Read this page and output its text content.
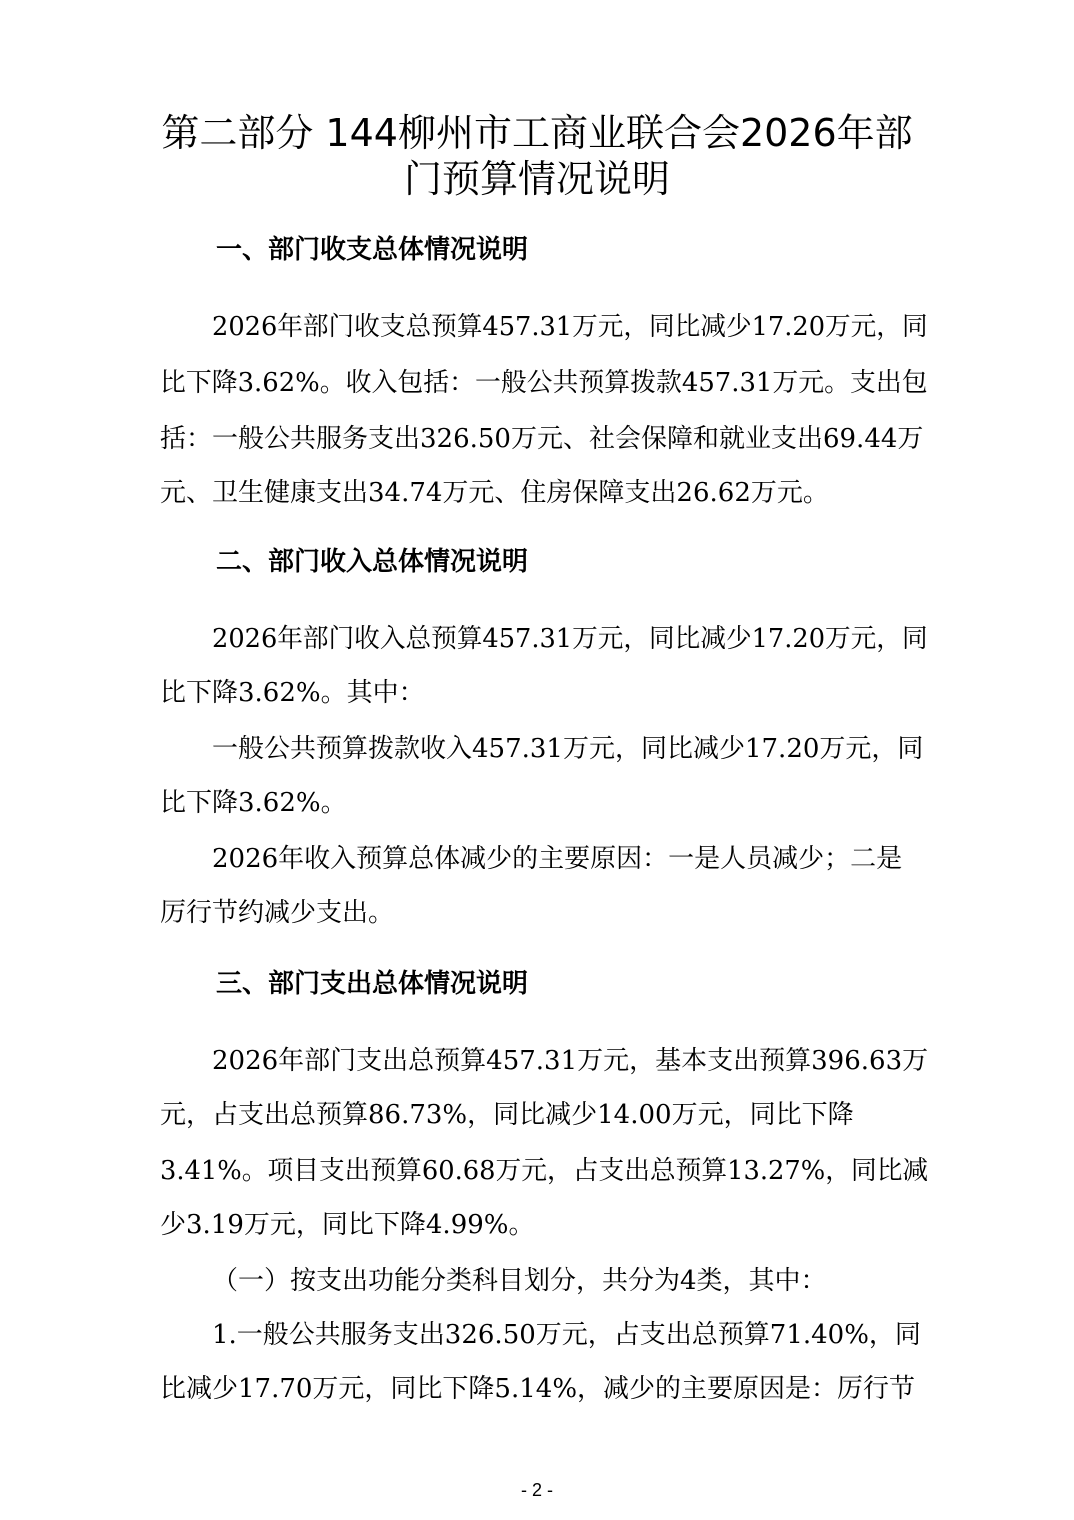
第二部分 144柳州市工商业联合会2026年部
门预算情况说明
一、部门收支总体情况说明
2026年部门收支总预算457.31万元，同比减少17.20万元，同
比下降3.62%。收入包括：一般公共预算拨款457.31万元。支出包
括：一般公共服务支出326.50万元、社会保障和就业支出69.44万
元、卫生健康支出34.74万元、住房保障支出26.62万元。
二、部门收入总体情况说明
2026年部门收入总预算457.31万元，同比减少17.20万元，同
比下降3.62%。其中：
一般公共预算拨款收入457.31万元，同比减少17.20万元，同
比下降3.62%。
2026年收入预算总体减少的主要原因：一是人员减少；二是
厉行节约减少支出。
三、部门支出总体情况说明
2026年部门支出总预算457.31万元，基本支出预算396.63万
元，占支出总预算86.73%，同比减少14.00万元，同比下降
3.41%。项目支出预算60.68万元，占支出总预算13.27%，同比减
少3.19万元，同比下降4.99%。
（一）按支出功能分类科目划分，共分为4类，其中：
1.一般公共服务支出326.50万元，占支出总预算71.40%，同
比减少17.70万元，同比下降5.14%，减少的主要原因是：厉行节
- 2 -
